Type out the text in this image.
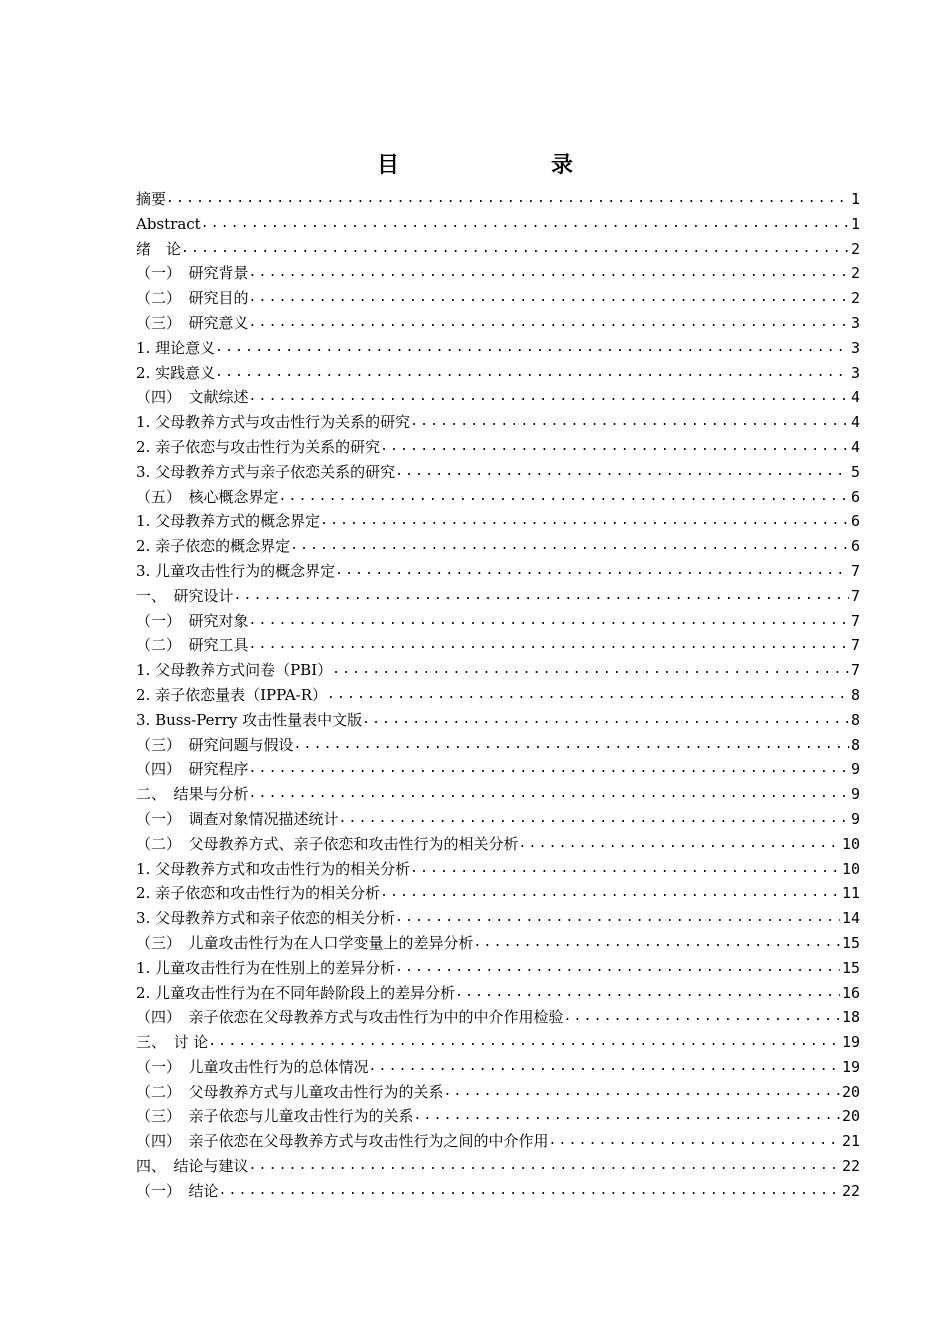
目　　录
摘要 .....	1
Abstract .....	1
绪　论 .....	2
（一）　研究背景 .....	2
（二）　研究目的 .....	2
（三）　研究意义 .....	3
1. 理论意义 .....	3
2. 实践意义 .....	3
（四）　文献综述 .....	4
1. 父母教养方式与攻击性行为关系的研究 .....	4
2. 亲子依恋与攻击性行为关系的研究 .....	4
3. 父母教养方式与亲子依恋关系的研究 .....	5
（五）　核心概念界定 .....	6
1. 父母教养方式的概念界定 .....	6
2. 亲子依恋的概念界定 .....	6
3. 儿童攻击性行为的概念界定 .....	7
一、　研究设计 .....	7
（一）　研究对象 .....	7
（二）　研究工具 .....	7
1. 父母教养方式问卷（PBI） .....	7
2. 亲子依恋量表（IPPA-R） .....	8
3. Buss-Perry 攻击性量表中文版 .....	8
（三）　研究问题与假设 .....	8
（四）　研究程序 .....	9
二、　结果与分析 .....	9
（一）　调查对象情况描述统计 .....	9
（二）　父母教养方式、亲子依恋和攻击性行为的相关分析 .....	10
1. 父母教养方式和攻击性行为的相关分析 .....	10
2. 亲子依恋和攻击性行为的相关分析 .....	11
3. 父母教养方式和亲子依恋的相关分析 .....	14
（三）　儿童攻击性行为在人口学变量上的差异分析 .....	15
1. 儿童攻击性行为在性别上的差异分析 .....	15
2. 儿童攻击性行为在不同年龄阶段上的差异分析 .....	16
（四）　亲子依恋在父母教养方式与攻击性行为中的中介作用检验 .....	18
三、　讨 论 .....	19
（一）　儿童攻击性行为的总体情况 .....	19
（二）　父母教养方式与儿童攻击性行为的关系 .....	20
（三）　亲子依恋与儿童攻击性行为的关系 .....	20
（四）　亲子依恋在父母教养方式与攻击性行为之间的中介作用 .....	21
四、　结论与建议 .....	22
（一）　结论 .....	22
